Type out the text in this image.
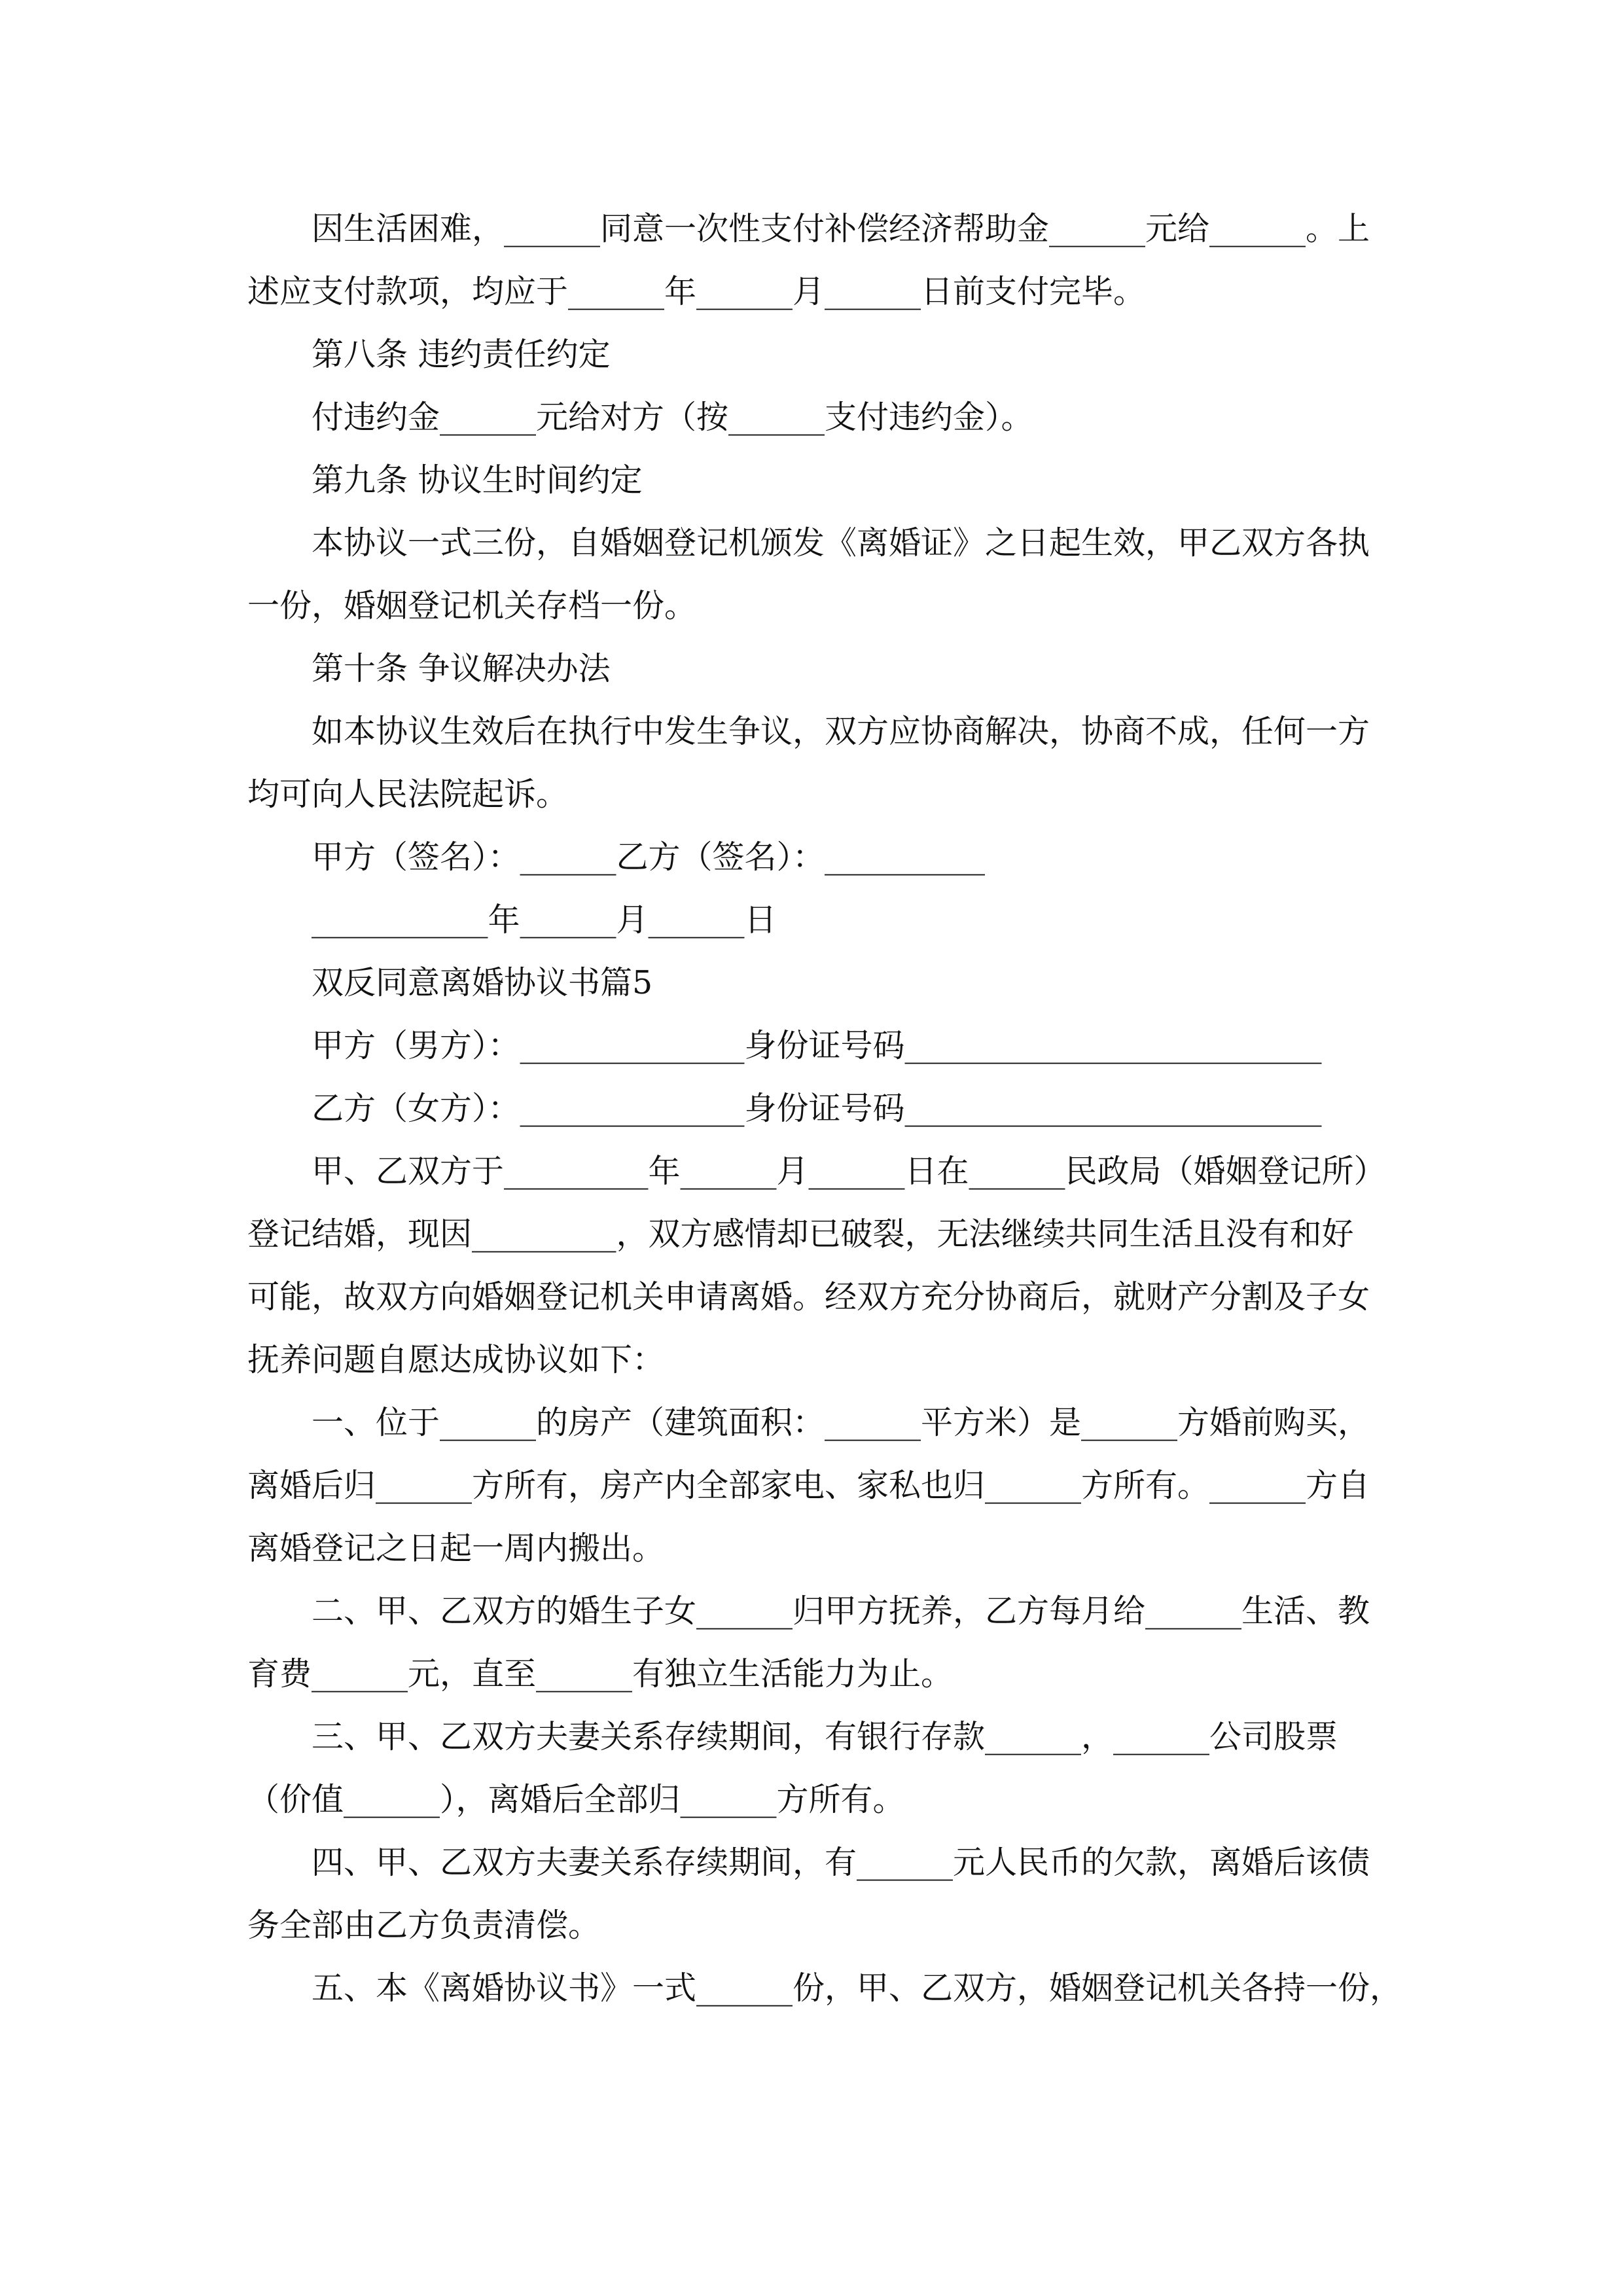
因生活困难，______同意一次性支付补偿经济帮助金______元给______。上
述应支付款项，均应于______年______月______日前支付完毕。
第八条 违约责任约定
付违约金______元给对方（按______支付违约金）。
第九条 协议生时间约定
本协议一式三份，自婚姻登记机颁发《离婚证》之日起生效，甲乙双方各执
一份，婚姻登记机关存档一份。
第十条 争议解决办法
如本协议生效后在执行中发生争议，双方应协商解决，协商不成，任何一方
均可向人民法院起诉。
甲方（签名）：______乙方（签名）：__________
___________年______月______日
双反同意离婚协议书篇5
甲方（男方）：______________身份证号码__________________________
乙方（女方）：______________身份证号码__________________________
甲、乙双方于_________年______月______日在______民政局（婚姻登记所）
登记结婚，现因_________，双方感情却已破裂，无法继续共同生活且没有和好
可能，故双方向婚姻登记机关申请离婚。经双方充分协商后，就财产分割及子女
抚养问题自愿达成协议如下：
一、位于______的房产（建筑面积：______平方米）是______方婚前购买，
离婚后归______方所有，房产内全部家电、家私也归______方所有。______方自
离婚登记之日起一周内搬出。
二、甲、乙双方的婚生子女______归甲方抚养，乙方每月给______生活、教
育费______元，直至______有独立生活能力为止。
三、甲、乙双方夫妻关系存续期间，有银行存款______，______公司股票
（价值______），离婚后全部归______方所有。
四、甲、乙双方夫妻关系存续期间，有______元人民币的欠款，离婚后该债
务全部由乙方负责清偿。
五、本《离婚协议书》一式______份，甲、乙双方，婚姻登记机关各持一份，
